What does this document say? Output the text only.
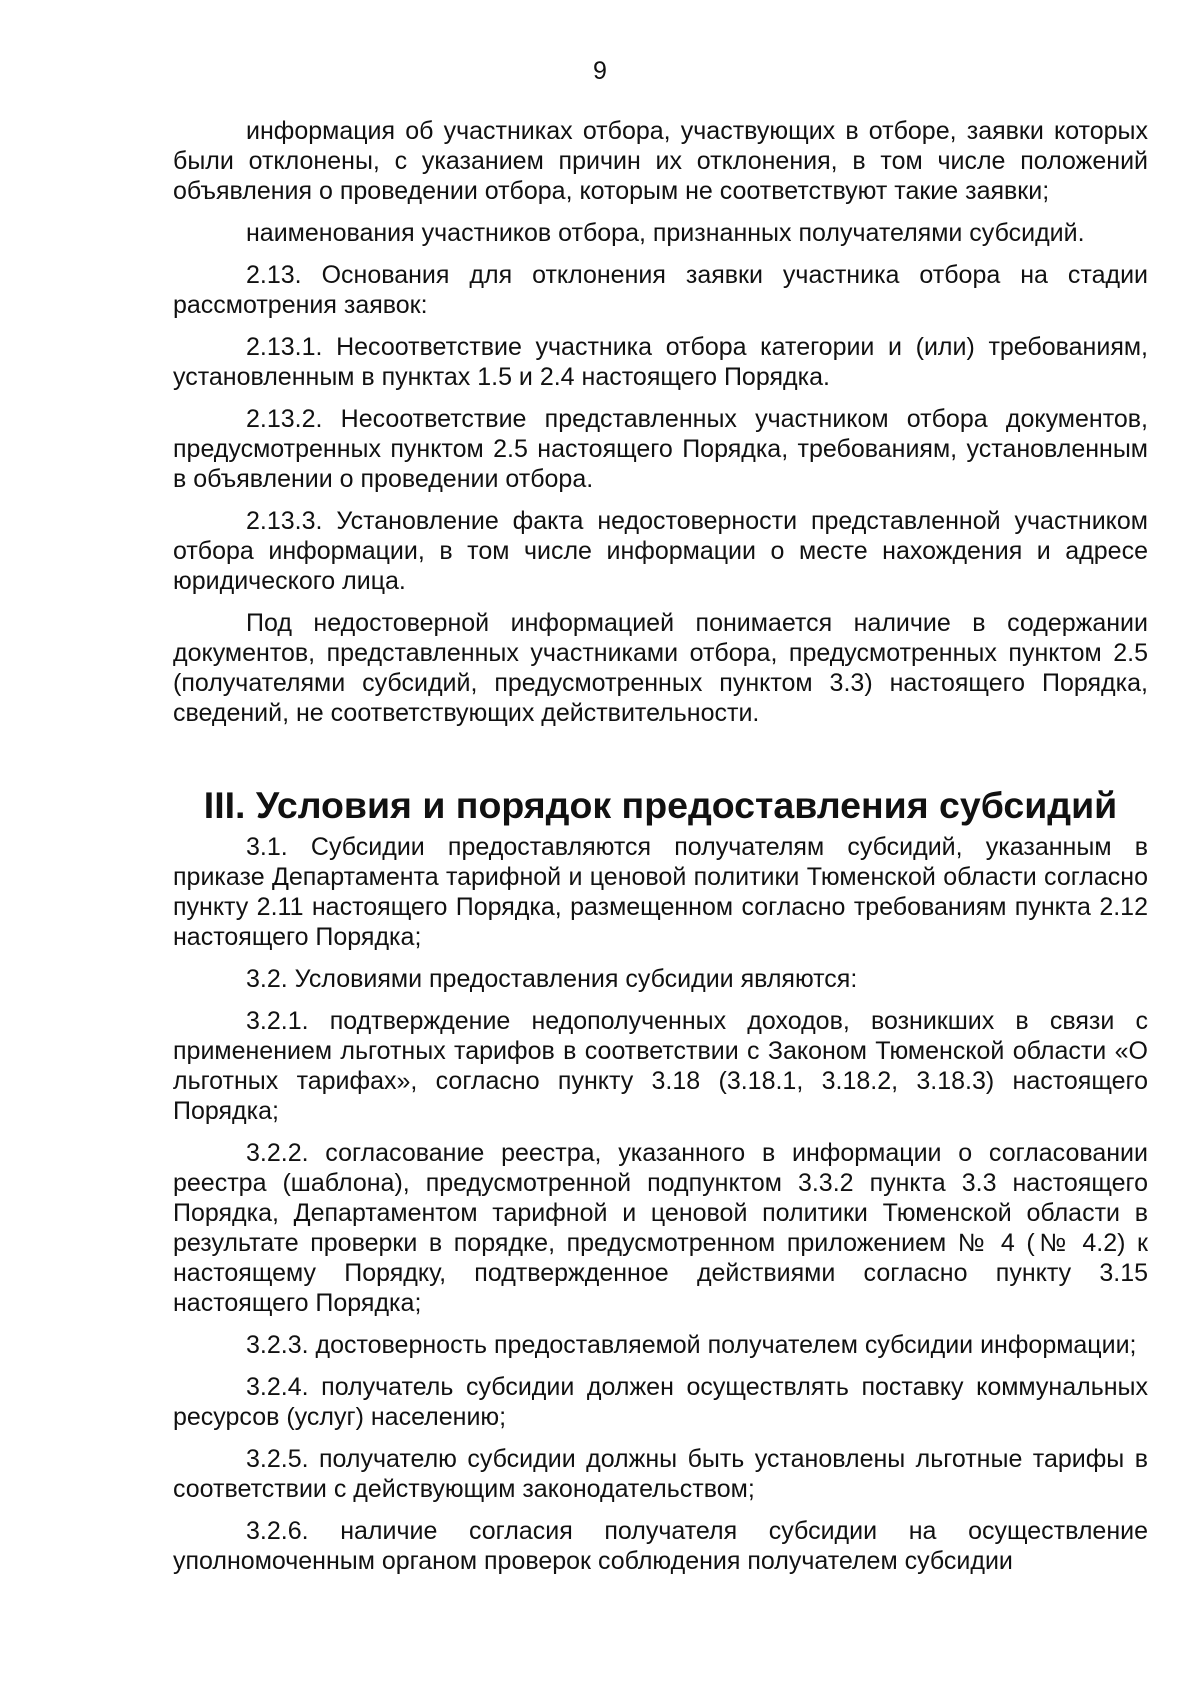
9

информация об участниках отбора, участвующих в отборе, заявки которых были отклонены, с указанием причин их отклонения, в том числе положений объявления о проведении отбора, которым не соответствуют такие заявки;

наименования участников отбора, признанных получателями субсидий.

2.13. Основания для отклонения заявки участника отбора на стадии рассмотрения заявок:

2.13.1. Несоответствие участника отбора категории и (или) требованиям, установленным в пунктах 1.5 и 2.4 настоящего Порядка.

2.13.2. Несоответствие представленных участником отбора документов, предусмотренных пунктом 2.5 настоящего Порядка, требованиям, установленным в объявлении о проведении отбора.

2.13.3. Установление факта недостоверности представленной участником отбора информации, в том числе информации о месте нахождения и адресе юридического лица.

Под недостоверной информацией понимается наличие в содержании документов, представленных участниками отбора, предусмотренных пунктом 2.5 (получателями субсидий, предусмотренных пунктом 3.3) настоящего Порядка, сведений, не соответствующих действительности.

III. Условия и порядок предоставления субсидий

3.1. Субсидии предоставляются получателям субсидий, указанным в приказе Департамента тарифной и ценовой политики Тюменской области согласно пункту 2.11 настоящего Порядка, размещенном согласно требованиям пункта 2.12 настоящего Порядка;

3.2. Условиями предоставления субсидии являются:

3.2.1. подтверждение недополученных доходов, возникших в связи с применением льготных тарифов в соответствии с Законом Тюменской области «О льготных тарифах», согласно пункту 3.18 (3.18.1, 3.18.2, 3.18.3) настоящего Порядка;

3.2.2. согласование реестра, указанного в информации о согласовании реестра (шаблона), предусмотренной подпунктом 3.3.2 пункта 3.3 настоящего Порядка, Департаментом тарифной и ценовой политики Тюменской области в результате проверки в порядке, предусмотренном приложением № 4 (№ 4.2) к настоящему Порядку, подтвержденное действиями согласно пункту 3.15 настоящего Порядка;

3.2.3. достоверность предоставляемой получателем субсидии информации;

3.2.4. получатель субсидии должен осуществлять поставку коммунальных ресурсов (услуг) населению;

3.2.5. получателю субсидии должны быть установлены льготные тарифы в соответствии с действующим законодательством;

3.2.6. наличие согласия получателя субсидии на осуществление уполномоченным органом проверок соблюдения получателем субсидии
